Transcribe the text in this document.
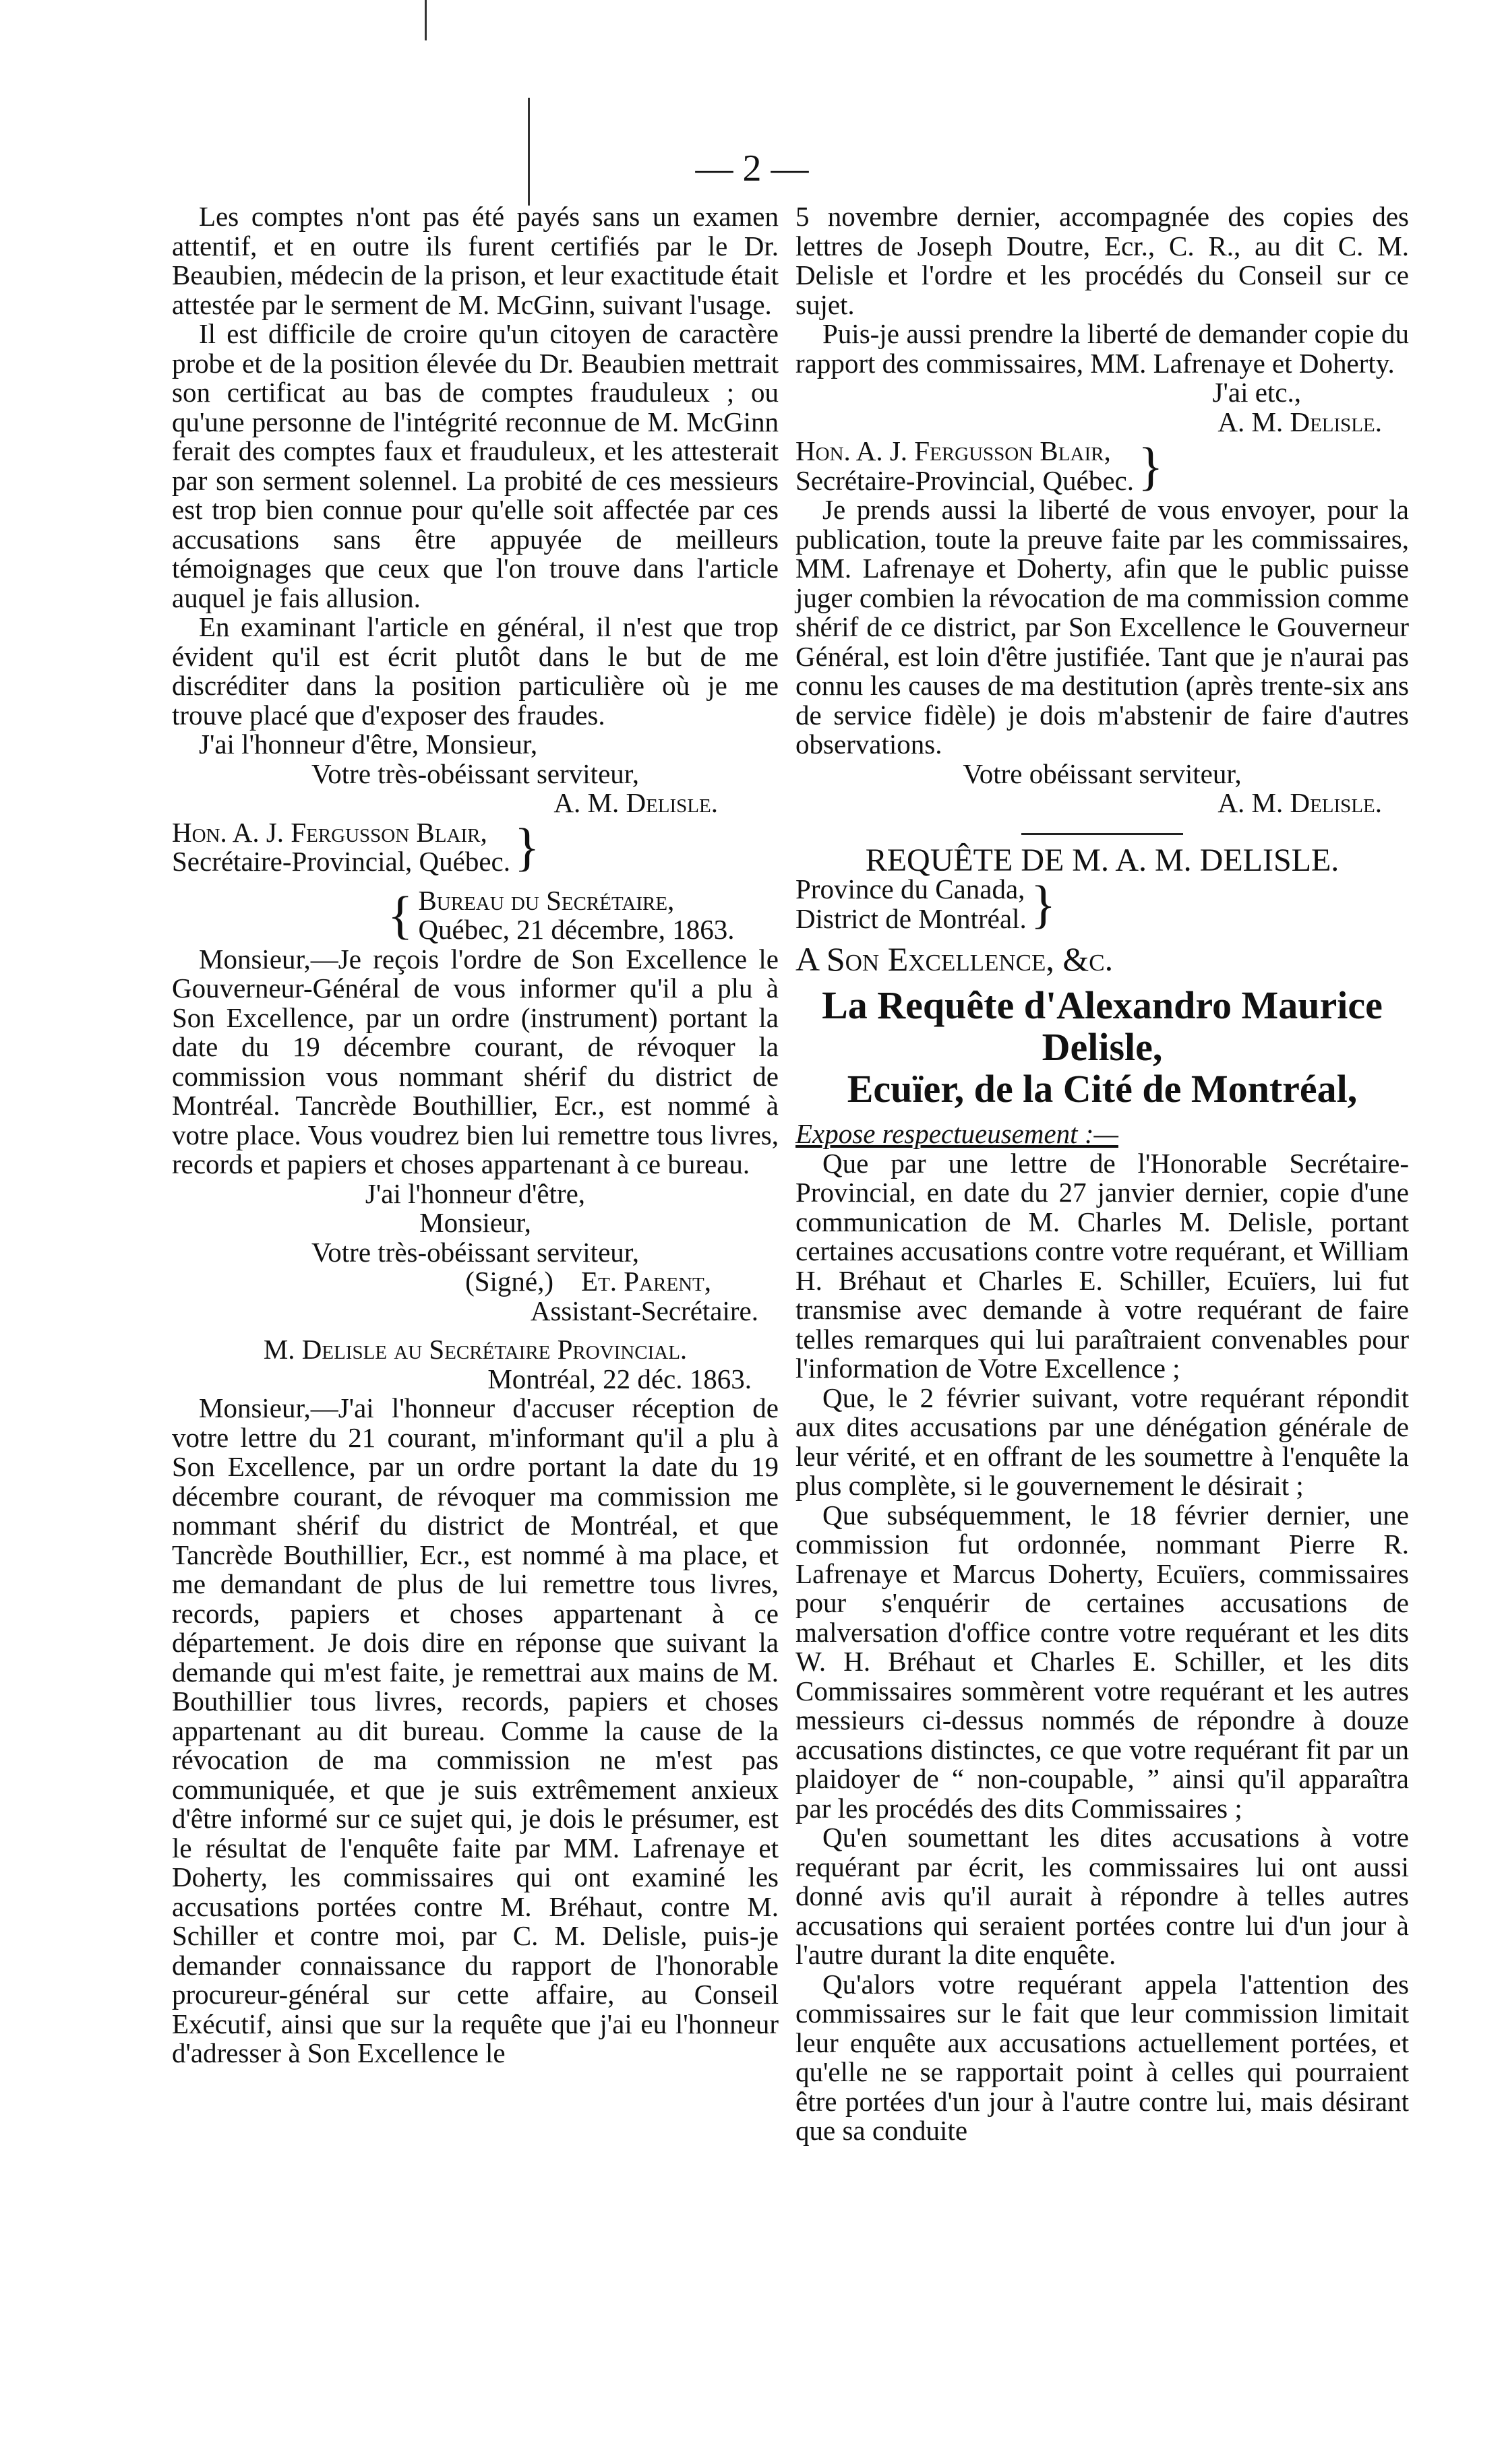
— 2 —

Les comptes n'ont pas été payés sans un examen attentif, et en outre ils furent certifiés par le Dr. Beaubien, médecin de la prison, et leur exactitude était attestée par le serment de M. McGinn, suivant l'usage.

Il est difficile de croire qu'un citoyen de caractère probe et de la position élevée du Dr. Beaubien mettrait son certificat au bas de comptes frauduleux ; ou qu'une personne de l'intégrité reconnue de M. McGinn ferait des comptes faux et frauduleux, et les attesterait par son serment solennel. La probité de ces messieurs est trop bien connue pour qu'elle soit affectée par ces accusations sans être appuyée de meilleurs témoignages que ceux que l'on trouve dans l'article auquel je fais allusion.

En examinant l'article en général, il n'est que trop évident qu'il est écrit plutôt dans le but de me discréditer dans la position particulière où je me trouve placé que d'exposer des fraudes.

J'ai l'honneur d'être, Monsieur,

Votre très-obéissant serviteur,

A. M. Delisle.

Hon. A. J. Fergusson Blair,

Secrétaire-Provincial, Québec. }
{ Bureau du Secrétaire,

Québec, 21 décembre, 1863.

Monsieur,—Je reçois l'ordre de Son Excellence le Gouverneur-Général de vous informer qu'il a plu à Son Excellence, par un ordre (instrument) portant la date du 19 décembre courant, de révoquer la commission vous nommant shérif du district de Montréal. Tancrède Bouthillier, Ecr., est nommé à votre place. Vous voudrez bien lui remettre tous livres, records et papiers et choses appartenant à ce bureau.

J'ai l'honneur d'être,

Monsieur,

Votre très-obéissant serviteur,

(Signé,) Et. Parent,

Assistant-Secrétaire.

M. Delisle au Secrétaire Provincial.

Montréal, 22 déc. 1863.

Monsieur,—J'ai l'honneur d'accuser réception de votre lettre du 21 courant, m'informant qu'il a plu à Son Excellence, par un ordre portant la date du 19 décembre courant, de révoquer ma commission me nommant shérif du district de Montréal, et que Tancrède Bouthillier, Ecr., est nommé à ma place, et me demandant de plus de lui remettre tous livres, records, papiers et choses appartenant à ce département. Je dois dire en réponse que suivant la demande qui m'est faite, je remettrai aux mains de M. Bouthillier tous livres, records, papiers et choses appartenant au dit bureau. Comme la cause de la révocation de ma commission ne m'est pas communiquée, et que je suis extrêmement anxieux d'être informé sur ce sujet qui, je dois le présumer, est le résultat de l'enquête faite par MM. Lafrenaye et Doherty, les commissaires qui ont examiné les accusations portées contre M. Bréhaut, contre M. Schiller et contre moi, par C. M. Delisle, puis-je demander connaissance du rapport de l'honorable procureur-général sur cette affaire, au Conseil Exécutif, ainsi que sur la requête que j'ai eu l'honneur d'adresser à Son Excellence le

5 novembre dernier, accompagnée des copies des lettres de Joseph Doutre, Ecr., C. R., au dit C. M. Delisle et l'ordre et les procédés du Conseil sur ce sujet.

Puis-je aussi prendre la liberté de demander copie du rapport des commissaires, MM. Lafrenaye et Doherty.

J'ai etc.,

A. M. Delisle.

Hon. A. J. Fergusson Blair,

Secrétaire-Provincial, Québec. }

Je prends aussi la liberté de vous envoyer, pour la publication, toute la preuve faite par les commissaires, MM. Lafrenaye et Doherty, afin que le public puisse juger combien la révocation de ma commission comme shérif de ce district, par Son Excellence le Gouverneur Général, est loin d'être justifiée. Tant que je n'aurai pas connu les causes de ma destitution (après trente-six ans de service fidèle) je dois m'abstenir de faire d'autres observations.

Votre obéissant serviteur,

A. M. Delisle.

REQUÊTE DE M. A. M. DELISLE.

Province du Canada,

District de Montréal. }

A Son Excellence, &c.

La Requête d'Alexandro Maurice Delisle,

Ecuïer, de la Cité de Montréal,

Expose respectueusement :—

Que par une lettre de l'Honorable Secrétaire-Provincial, en date du 27 janvier dernier, copie d'une communication de M. Charles M. Delisle, portant certaines accusations contre votre requérant, et William H. Bréhaut et Charles E. Schiller, Ecuïers, lui fut transmise avec demande à votre requérant de faire telles remarques qui lui paraîtraient convenables pour l'information de Votre Excellence ;

Que, le 2 février suivant, votre requérant répondit aux dites accusations par une dénégation générale de leur vérité, et en offrant de les soumettre à l'enquête la plus complète, si le gouvernement le désirait ;

Que subséquemment, le 18 février dernier, une commission fut ordonnée, nommant Pierre R. Lafrenaye et Marcus Doherty, Ecuïers, commissaires pour s'enquérir de certaines accusations de malversation d'office contre votre requérant et les dits W. H. Bréhaut et Charles E. Schiller, et les dits Commissaires sommèrent votre requérant et les autres messieurs ci-dessus nommés de répondre à douze accusations distinctes, ce que votre requérant fit par un plaidoyer de “ non-coupable, ” ainsi qu'il apparaîtra par les procédés des dits Commissaires ;

Qu'en soumettant les dites accusations à votre requérant par écrit, les commissaires lui ont aussi donné avis qu'il aurait à répondre à telles autres accusations qui seraient portées contre lui d'un jour à l'autre durant la dite enquête.

Qu'alors votre requérant appela l'attention des commissaires sur le fait que leur commission limitait leur enquête aux accusations actuellement portées, et qu'elle ne se rapportait point à celles qui pourraient être portées d'un jour à l'autre contre lui, mais désirant que sa conduite
